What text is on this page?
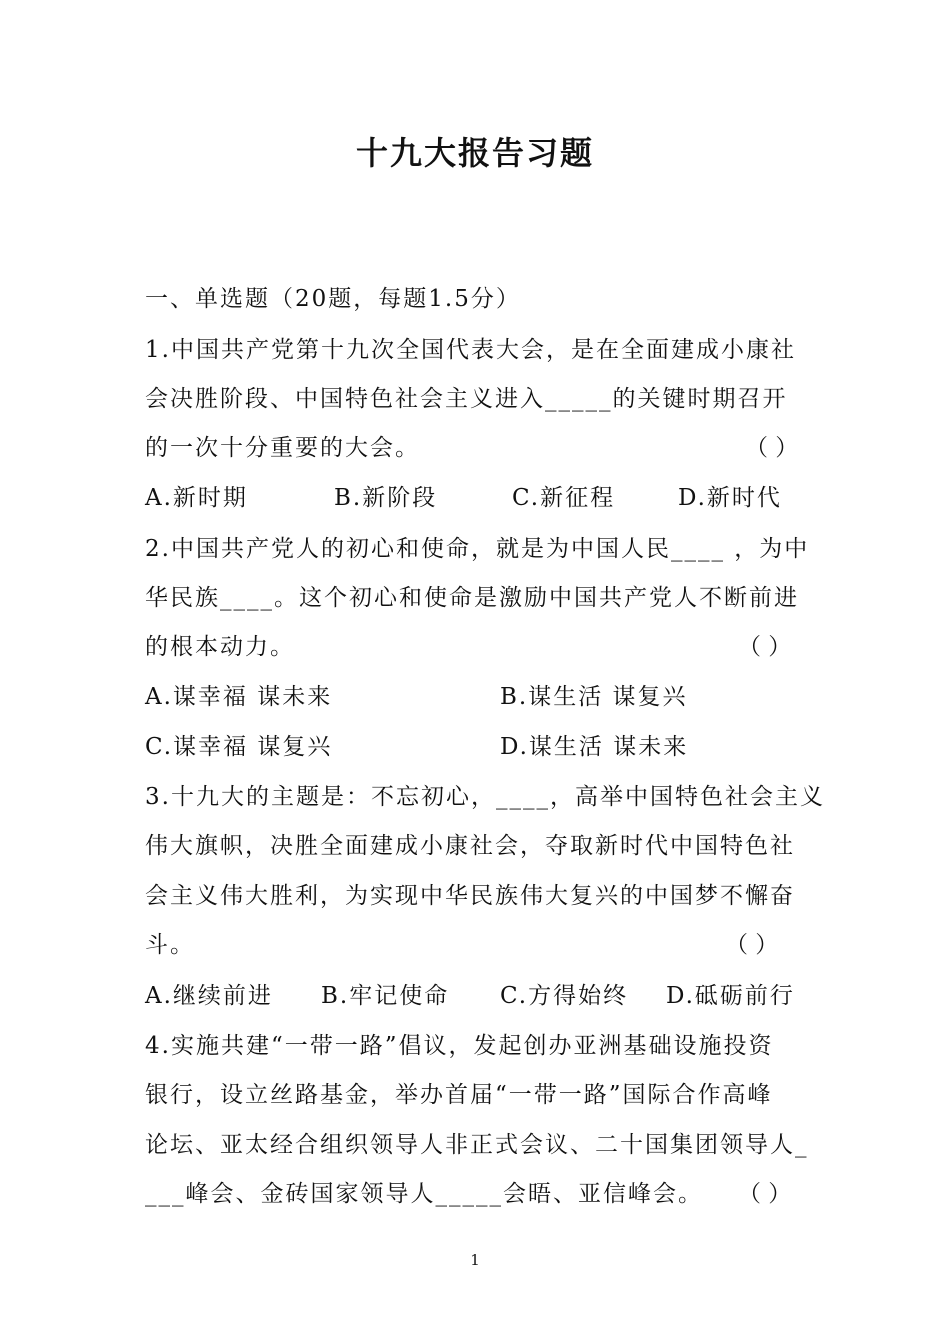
十九大报告习题
一、单选题（20题，每题1.5分）
1.中国共产党第十九次全国代表大会，是在全面建成小康社
会决胜阶段、中国特色社会主义进入_____的关键时期召开
的一次十分重要的大会。	（ ）
A.新时期	B.新阶段	C.新征程	D.新时代
2.中国共产党人的初心和使命，就是为中国人民____ ，为中
华民族____。这个初心和使命是激励中国共产党人不断前进
的根本动力。	（ ）
A.谋幸福 谋未来	B.谋生活 谋复兴
C.谋幸福 谋复兴	D.谋生活 谋未来
3.十九大的主题是：不忘初心，____，高举中国特色社会主义
伟大旗帜，决胜全面建成小康社会，夺取新时代中国特色社
会主义伟大胜利，为实现中华民族伟大复兴的中国梦不懈奋
斗。	（ ）
A.继续前进 B.牢记使命 C.方得始终 D.砥砺前行
4.实施共建“一带一路”倡议，发起创办亚洲基础设施投资
银行，设立丝路基金，举办首届“一带一路”国际合作高峰
论坛、亚太经合组织领导人非正式会议、二十国集团领导人_
___峰会、金砖国家领导人_____会晤、亚信峰会。 （ ）
1
